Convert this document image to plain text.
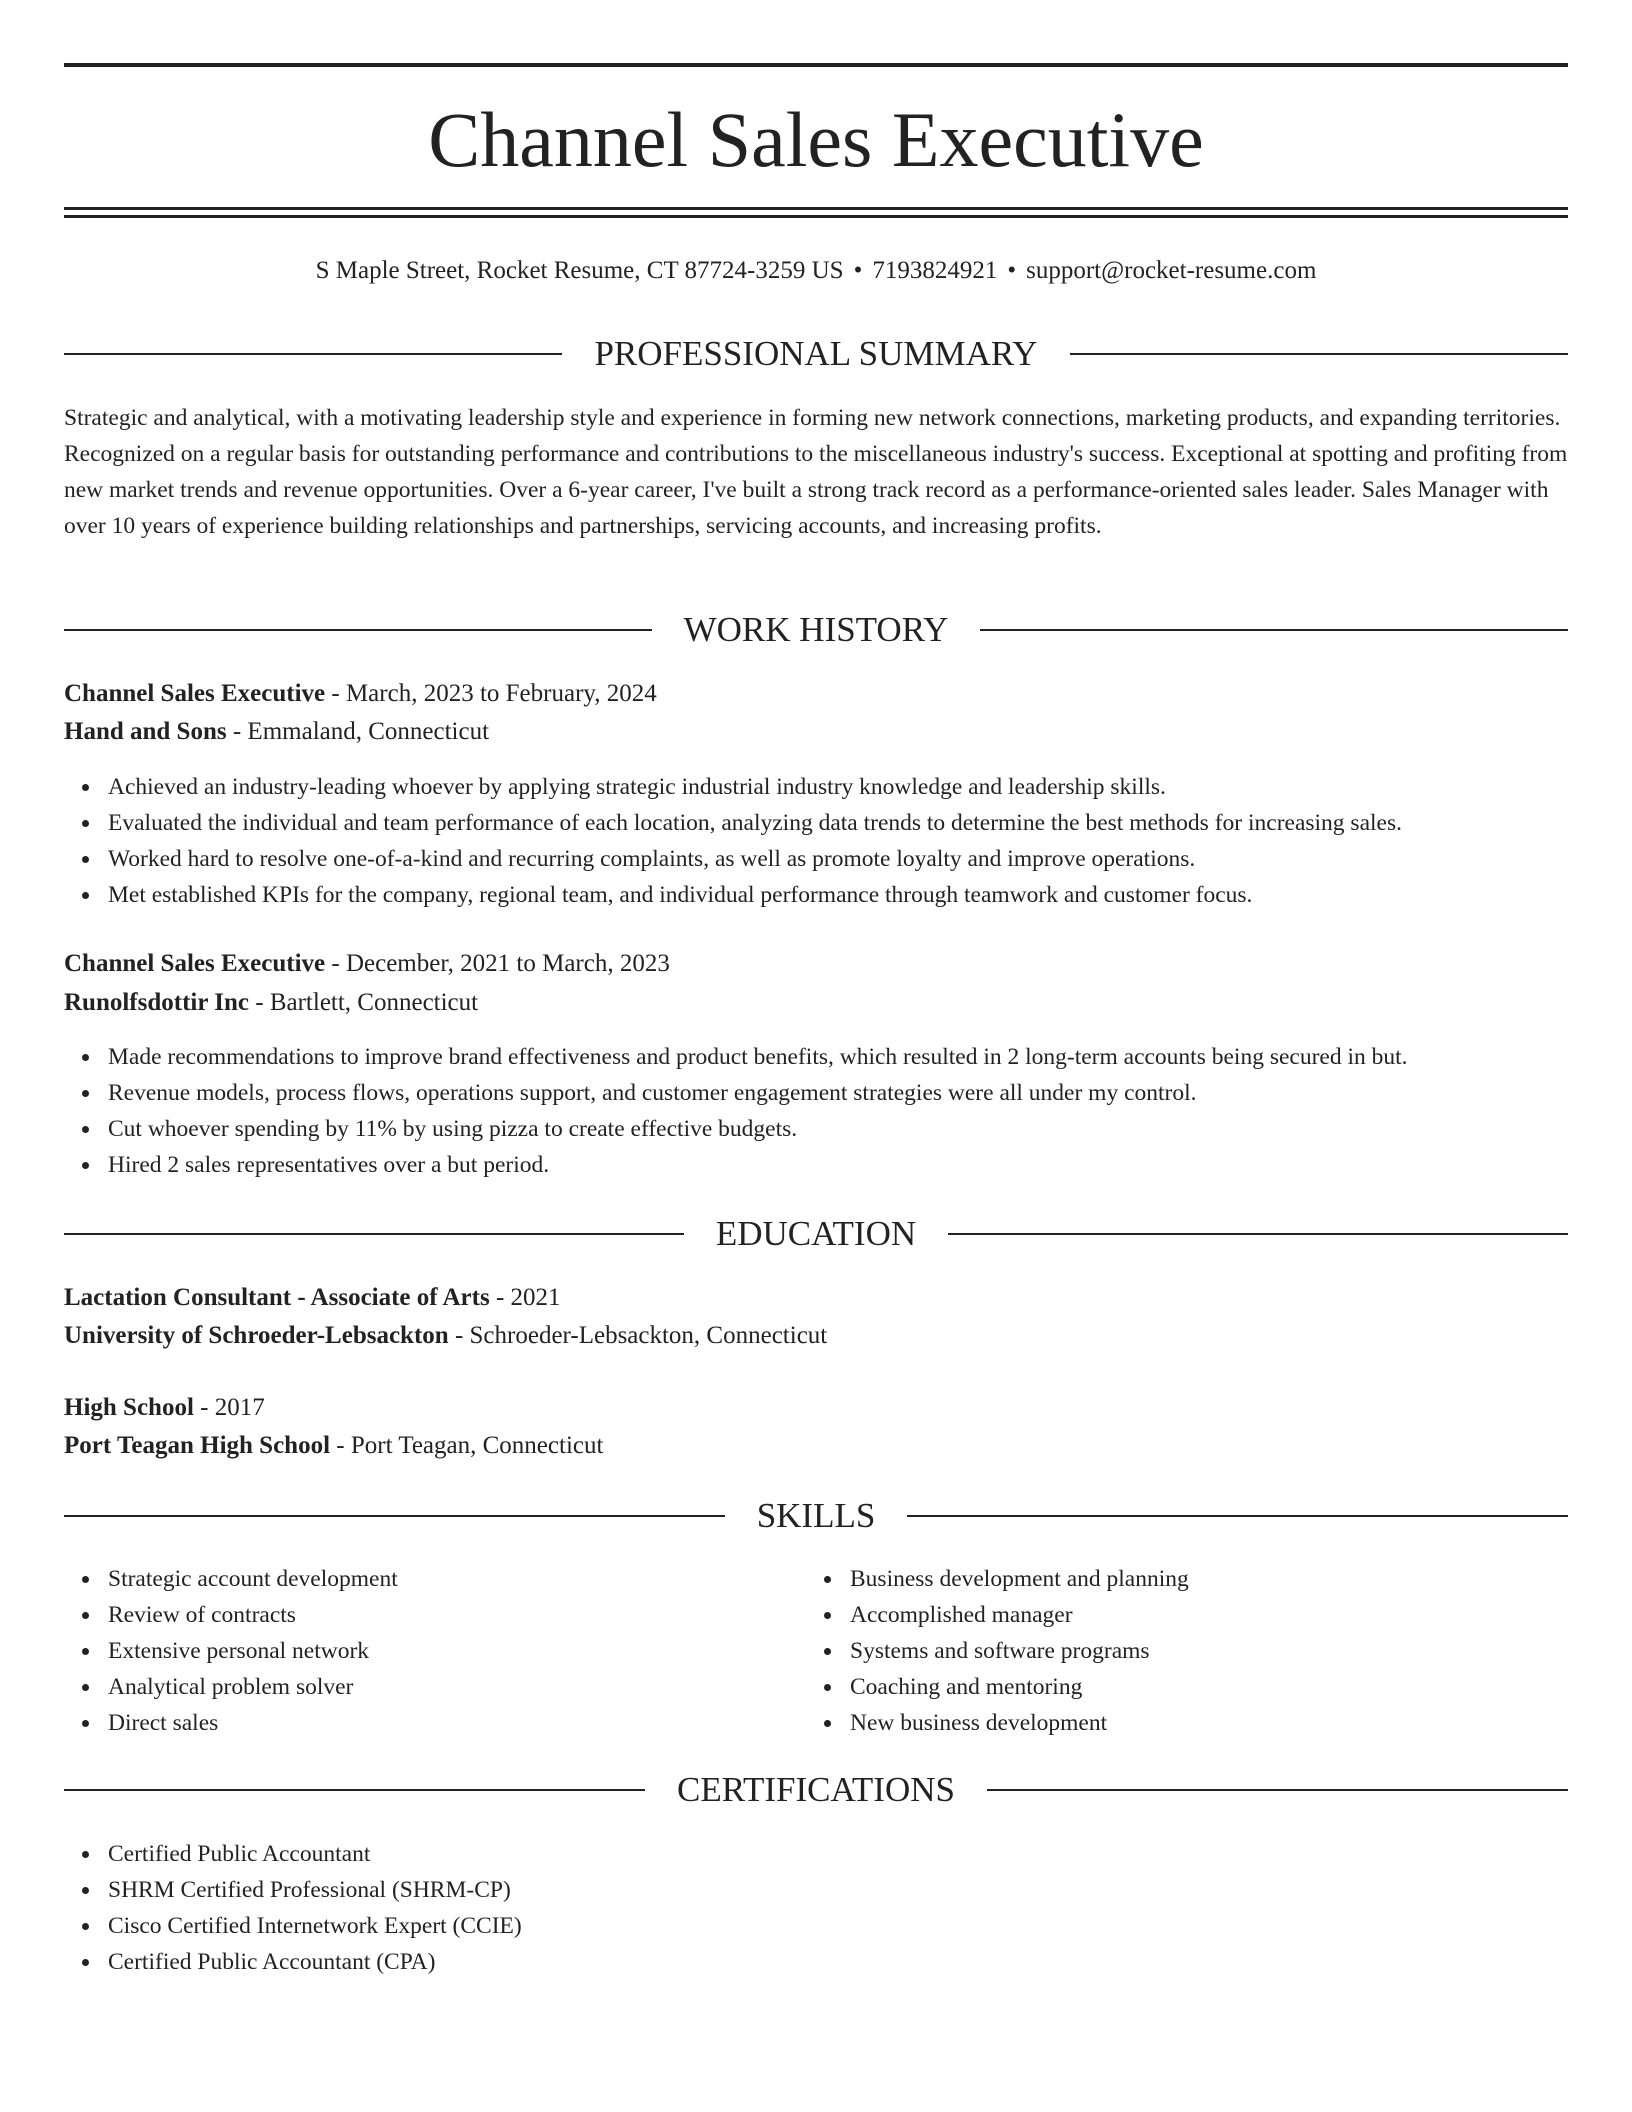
Channel Sales Executive
S Maple Street, Rocket Resume, CT 87724-3259 US • 7193824921 • support@rocket-resume.com
PROFESSIONAL SUMMARY
Strategic and analytical, with a motivating leadership style and experience in forming new network connections, marketing products, and expanding territories. Recognized on a regular basis for outstanding performance and contributions to the miscellaneous industry's success. Exceptional at spotting and profiting from new market trends and revenue opportunities. Over a 6-year career, I've built a strong track record as a performance-oriented sales leader. Sales Manager with over 10 years of experience building relationships and partnerships, servicing accounts, and increasing profits.
WORK HISTORY
Channel Sales Executive - March, 2023 to February, 2024
Hand and Sons - Emmaland, Connecticut
Achieved an industry-leading whoever by applying strategic industrial industry knowledge and leadership skills.
Evaluated the individual and team performance of each location, analyzing data trends to determine the best methods for increasing sales.
Worked hard to resolve one-of-a-kind and recurring complaints, as well as promote loyalty and improve operations.
Met established KPIs for the company, regional team, and individual performance through teamwork and customer focus.
Channel Sales Executive - December, 2021 to March, 2023
Runolfsdottir Inc - Bartlett, Connecticut
Made recommendations to improve brand effectiveness and product benefits, which resulted in 2 long-term accounts being secured in but.
Revenue models, process flows, operations support, and customer engagement strategies were all under my control.
Cut whoever spending by 11% by using pizza to create effective budgets.
Hired 2 sales representatives over a but period.
EDUCATION
Lactation Consultant - Associate of Arts - 2021
University of Schroeder-Lebsackton - Schroeder-Lebsackton, Connecticut
High School - 2017
Port Teagan High School - Port Teagan, Connecticut
SKILLS
Strategic account development
Review of contracts
Extensive personal network
Analytical problem solver
Direct sales
Business development and planning
Accomplished manager
Systems and software programs
Coaching and mentoring
New business development
CERTIFICATIONS
Certified Public Accountant
SHRM Certified Professional (SHRM-CP)
Cisco Certified Internetwork Expert (CCIE)
Certified Public Accountant (CPA)
